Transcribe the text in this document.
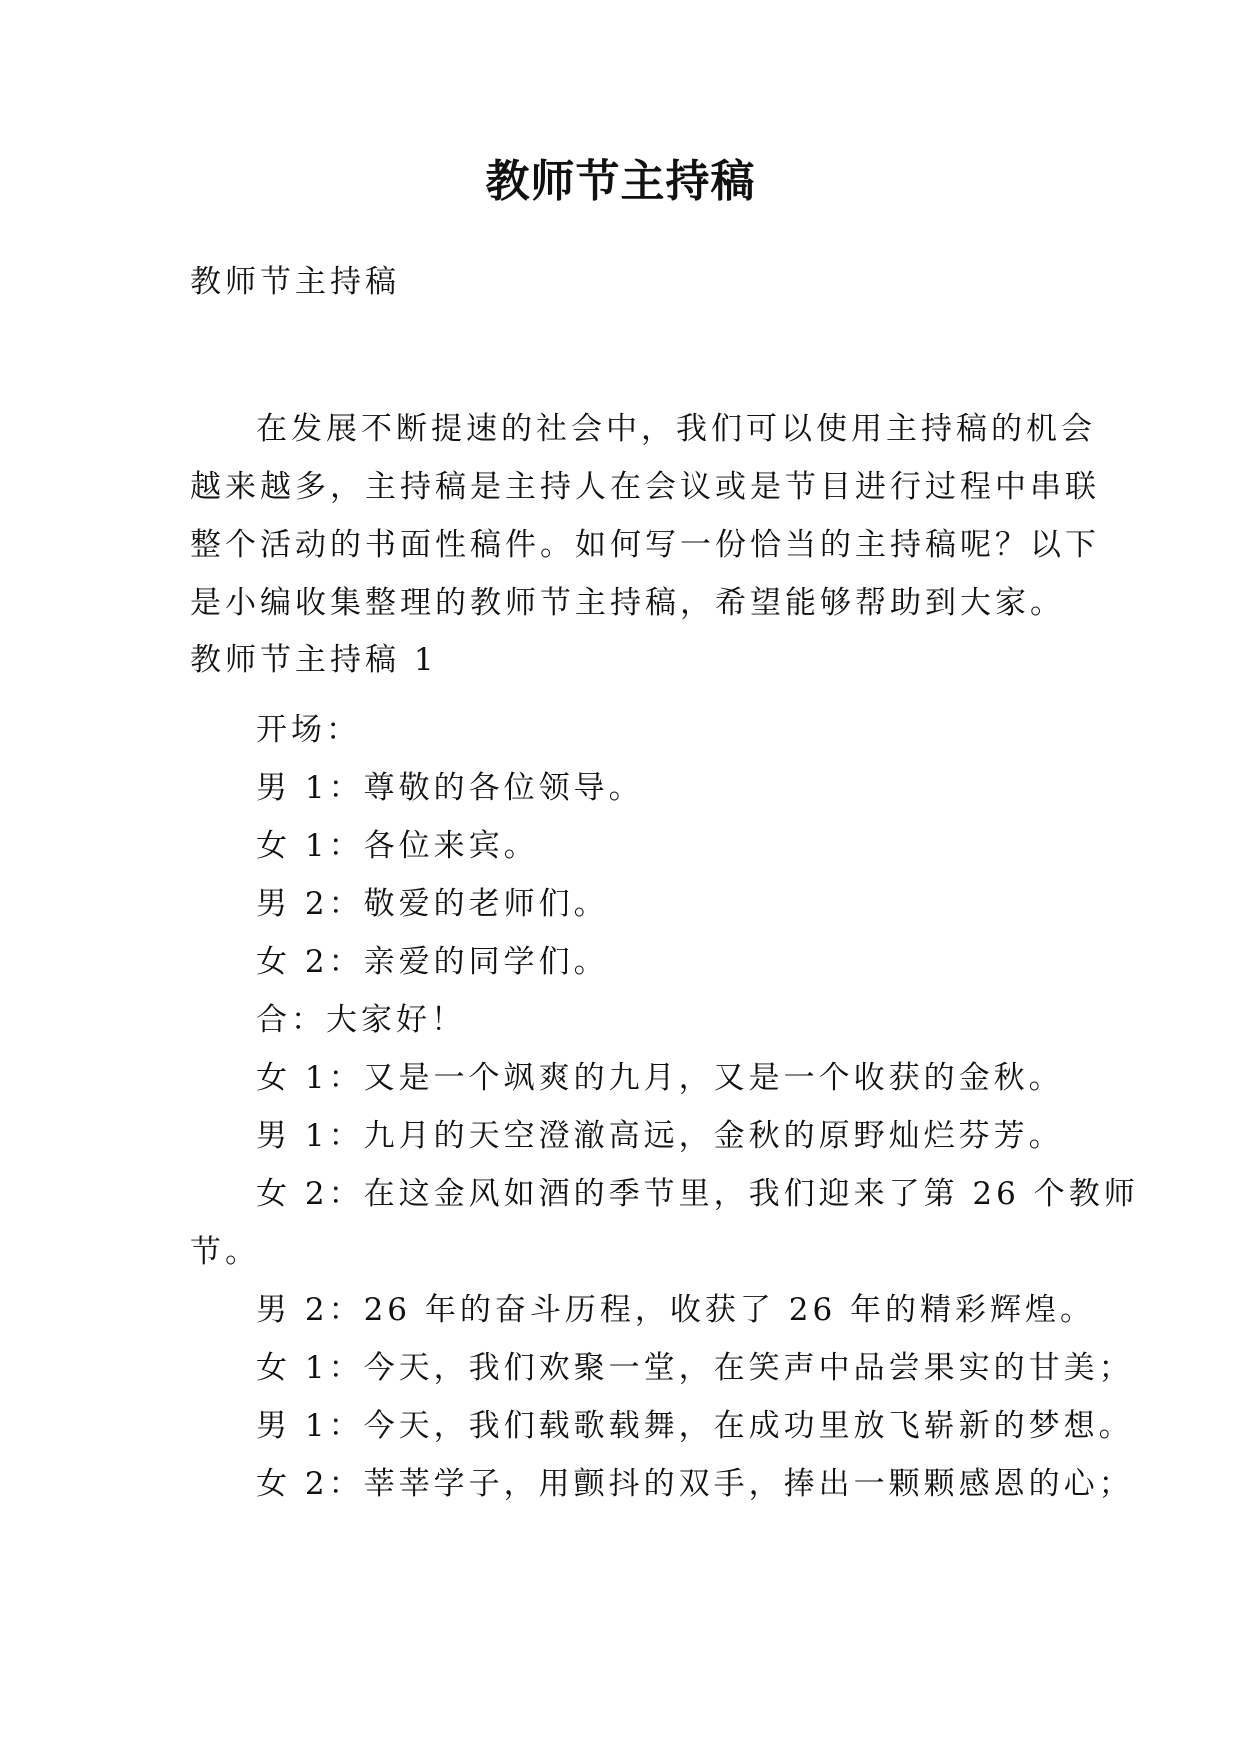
教师节主持稿
教师节主持稿
在发展不断提速的社会中，我们可以使用主持稿的机会
越来越多，主持稿是主持人在会议或是节目进行过程中串联
整个活动的书面性稿件。如何写一份恰当的主持稿呢？以下
是小编收集整理的教师节主持稿，希望能够帮助到大家。
教师节主持稿 1
开场：
男 1：尊敬的各位领导。
女 1：各位来宾。
男 2：敬爱的老师们。
女 2：亲爱的同学们。
合：大家好！
女 1：又是一个飒爽的九月，又是一个收获的金秋。
男 1：九月的天空澄澈高远，金秋的原野灿烂芬芳。
女 2：在这金风如酒的季节里，我们迎来了第 26 个教师
节。
男 2：26 年的奋斗历程，收获了 26 年的精彩辉煌。
女 1：今天，我们欢聚一堂，在笑声中品尝果实的甘美；
男 1：今天，我们载歌载舞，在成功里放飞崭新的梦想。
女 2：莘莘学子，用颤抖的双手，捧出一颗颗感恩的心；
